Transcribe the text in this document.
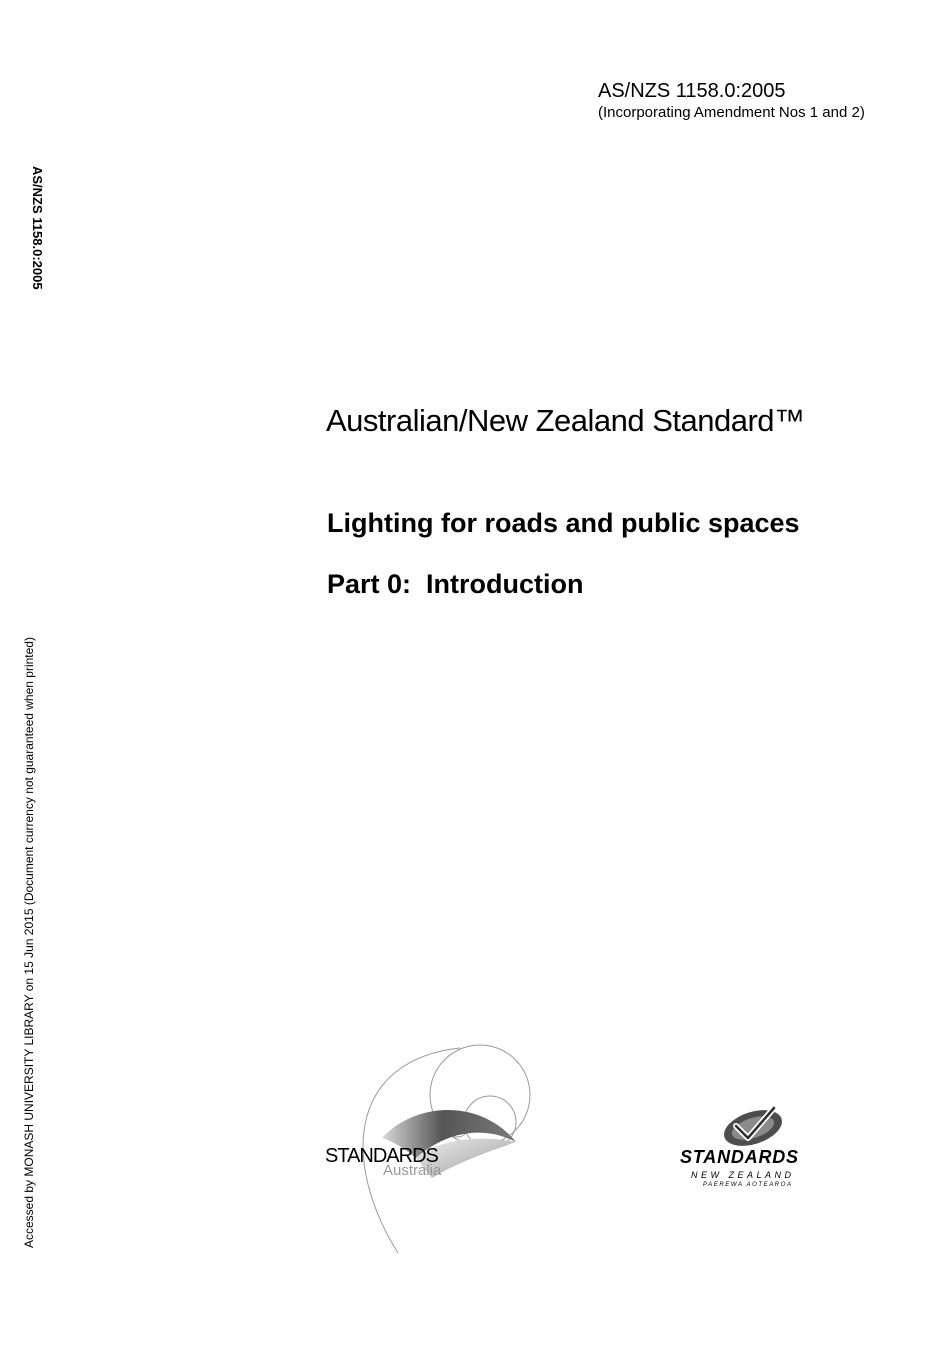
AS/NZS 1158.0:2005
(Incorporating Amendment Nos 1 and 2)
AS/NZS 1158.0:2005
Accessed by MONASH UNIVERSITY LIBRARY on 15 Jun 2015 (Document currency not guaranteed when printed)
Australian/New Zealand Standard™
Lighting for roads and public spaces
Part 0:  Introduction
STANDARDS
Australia
STANDARDS
NEW ZEALAND
PAEREWA AOTEAROA
